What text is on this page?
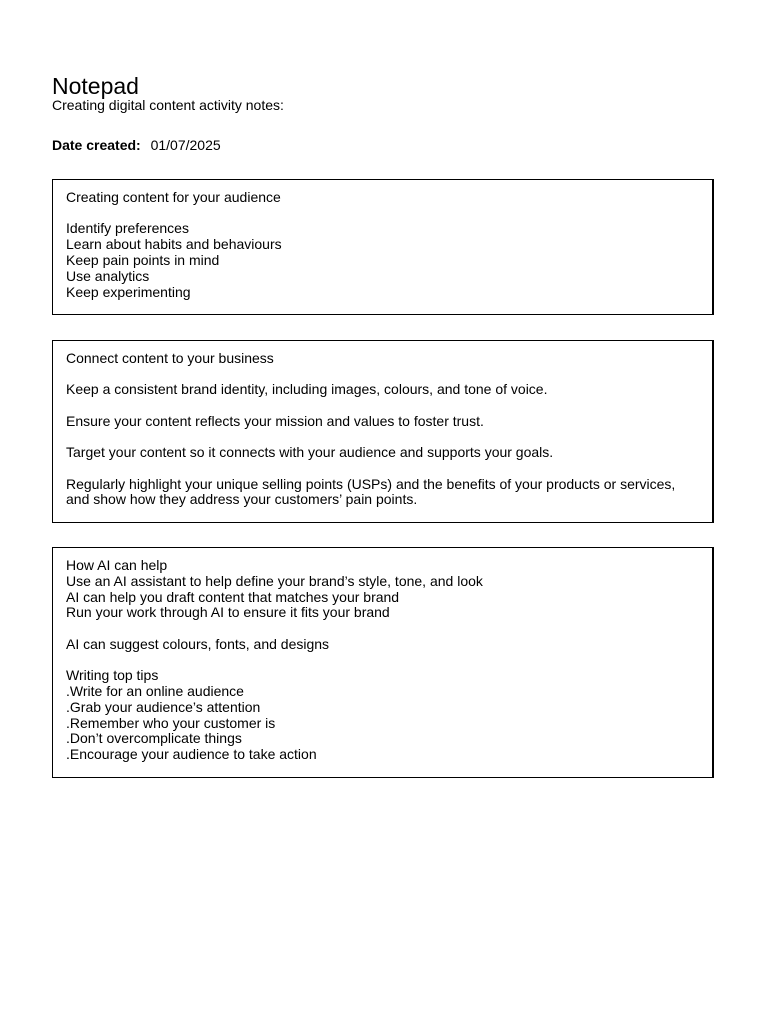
Notepad
Creating digital content activity notes:
Date created: 01/07/2025
Creating content for your audience
Identify preferences
Learn about habits and behaviours
Keep pain points in mind
Use analytics
Keep experimenting
Connect content to your business
Keep a consistent brand identity, including images, colours, and tone of voice.
Ensure your content reflects your mission and values to foster trust.
Target your content so it connects with your audience and supports your goals.
Regularly highlight your unique selling points (USPs) and the benefits of your products or services, and show how they address your customers’ pain points.
How AI can help
Use an AI assistant to help define your brand’s style, tone, and look
AI can help you draft content that matches your brand
Run your work through AI to ensure it fits your brand
AI can suggest colours, fonts, and designs
Writing top tips
.Write for an online audience
.Grab your audience’s attention
.Remember who your customer is
.Don’t overcomplicate things
.Encourage your audience to take action
